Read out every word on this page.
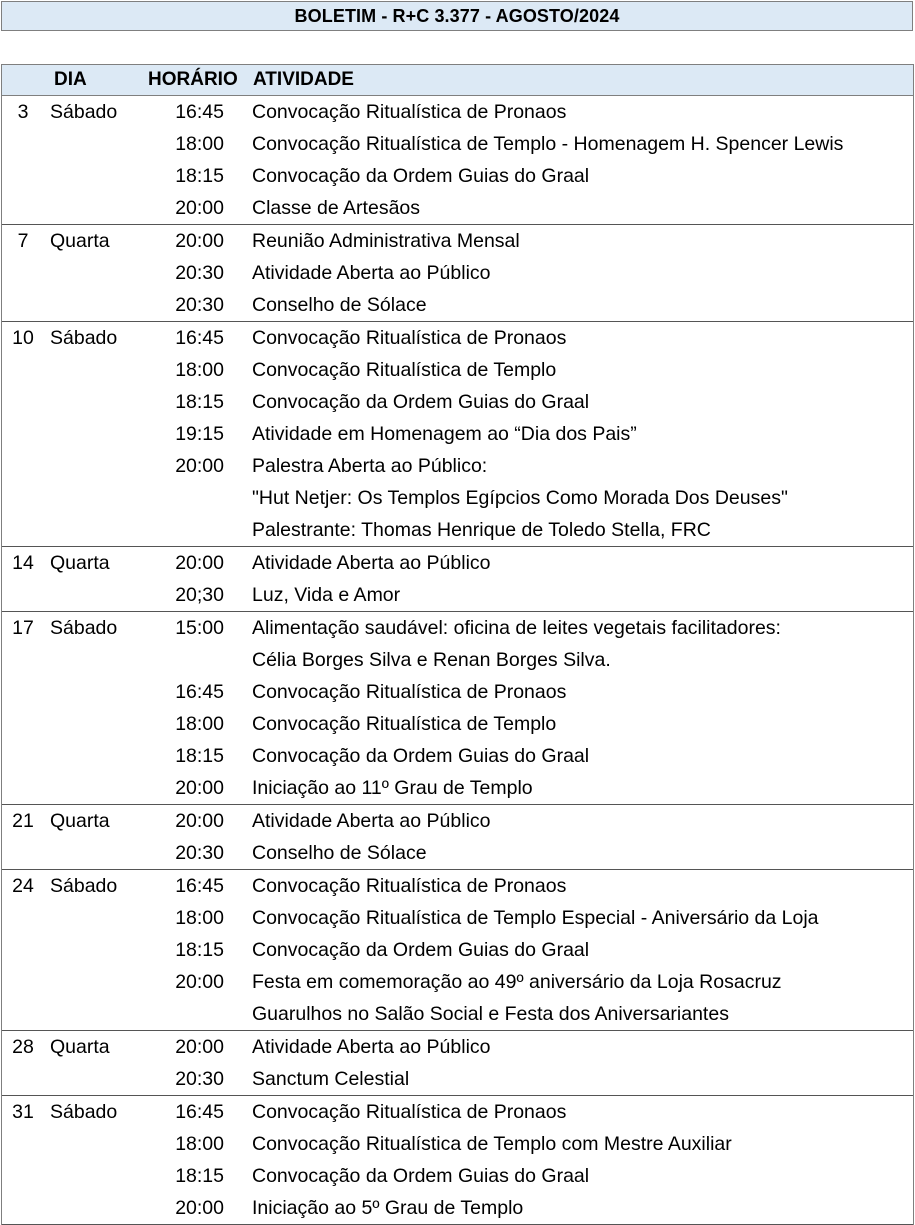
BOLETIM - R+C 3.377 - AGOSTO/2024
DIA	HORÁRIO ATIVIDADE
3	Sábado	16:45	Convocação Ritualística de Pronaos
18:00	Convocação Ritualística de Templo - Homenagem H. Spencer Lewis
18:15	Convocação da Ordem Guias do Graal
20:00	Classe de Artesãos
7	Quarta	20:00	Reunião Administrativa Mensal
20:30	Atividade Aberta ao Público
20:30	Conselho de Sólace
10 Sábado	16:45	Convocação Ritualística de Pronaos
18:00	Convocação Ritualística de Templo
18:15	Convocação da Ordem Guias do Graal
19:15	Atividade em Homenagem ao “Dia dos Pais”
20:00	Palestra Aberta ao Público:
"Hut Netjer: Os Templos Egípcios Como Morada Dos Deuses"
Palestrante: Thomas Henrique de Toledo Stella, FRC
14 Quarta	20:00	Atividade Aberta ao Público
20;30	Luz, Vida e Amor
17 Sábado	15:00	Alimentação saudável: oficina de leites vegetais facilitadores:
Célia Borges Silva e Renan Borges Silva.
16:45	Convocação Ritualística de Pronaos
18:00	Convocação Ritualística de Templo
18:15	Convocação da Ordem Guias do Graal
20:00	Iniciação ao 11º Grau de Templo
21 Quarta	20:00	Atividade Aberta ao Público
20:30	Conselho de Sólace
24 Sábado	16:45	Convocação Ritualística de Pronaos
18:00	Convocação Ritualística de Templo Especial - Aniversário da Loja
18:15	Convocação da Ordem Guias do Graal
20:00	Festa em comemoração ao 49º aniversário da Loja Rosacruz
Guarulhos no Salão Social e Festa dos Aniversariantes
28 Quarta	20:00	Atividade Aberta ao Público
20:30	Sanctum Celestial
31 Sábado	16:45	Convocação Ritualística de Pronaos
18:00	Convocação Ritualística de Templo com Mestre Auxiliar
18:15	Convocação da Ordem Guias do Graal
20:00	Iniciação ao 5º Grau de Templo
